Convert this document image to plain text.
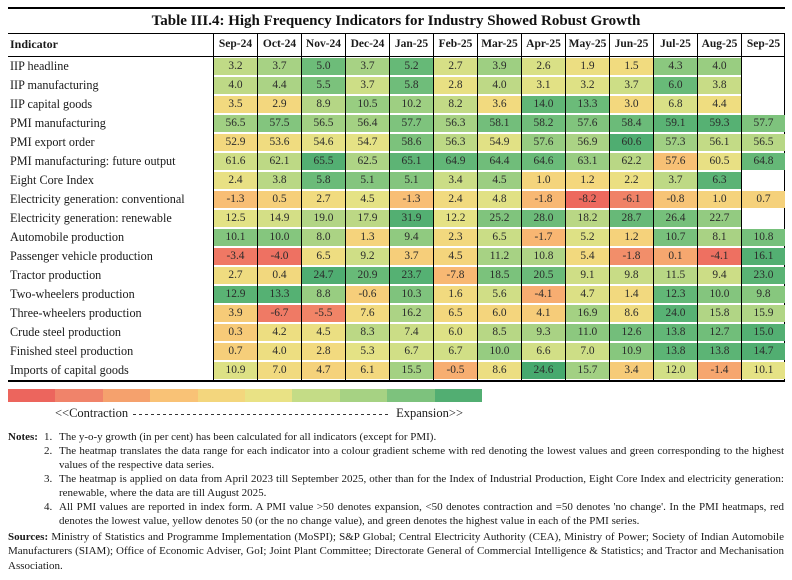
Table III.4: High Frequency Indicators for Industry Showed Robust Growth
Indicator	Sep-24 Oct-24 Nov-24 Dec-24 Jan-25 Feb-25 Mar-25 Apr-25 May-25 Jun-25	Jul-25 Aug-25 Sep-25
IIP headline	3.2	3.7	5.0	3.7	5.2	2.7	3.9	2.6	1.9	1.5	4.3	4.0
IIP manufacturing	4.0	4.4	5.5	3.7	5.8	2.8	4.0	3.1	3.2	3.7	6.0	3.8
IIP capital goods	3.5	2.9	8.9	10.5	10.2	8.2	3.6	14.0	13.3	3.0	6.8	4.4
PMI manufacturing	56.5	57.5	56.5	56.4	57.7	56.3	58.1	58.2	57.6	58.4	59.1	59.3	57.7
PMI export order	52.9	53.6	54.6	54.7	58.6	56.3	54.9	57.6	56.9	60.6	57.3	56.1	56.5
PMI manufacturing: future output	61.6	62.1	65.5	62.5	65.1	64.9	64.4	64.6	63.1	62.2	57.6	60.5	64.8
Eight Core Index	2.4	3.8	5.8	5.1	5.1	3.4	4.5	1.0	1.2	2.2	3.7	6.3
Electricity generation: conventional	-1.3	0.5	2.7	4.5	-1.3	2.4	4.8	-1.8	-8.2	-6.1	-0.8	1.0	0.7
Electricity generation: renewable	12.5	14.9	19.0	17.9	31.9	12.2	25.2	28.0	18.2	28.7	26.4	22.7
Automobile production	10.1	10.0	8.0	1.3	9.4	2.3	6.5	-1.7	5.2	1.2	10.7	8.1	10.8
Passenger vehicle production	-3.4	-4.0	6.5	9.2	3.7	4.5	11.2	10.8	5.4	-1.8	0.1	-4.1	16.1
Tractor production	2.7	0.4	24.7	20.9	23.7	-7.8	18.5	20.5	9.1	9.8	11.5	9.4	23.0
Two-wheelers production	12.9	13.3	8.8	-0.6	10.3	1.6	5.6	-4.1	4.7	1.4	12.3	10.0	9.8
Three-wheelers production	3.9	-6.7	-5.5	7.6	16.2	6.5	6.0	4.1	16.9	8.6	24.0	15.8	15.9
Crude steel production	0.3	4.2	4.5	8.3	7.4	6.0	8.5	9.3	11.0	12.6	13.8	12.7	15.0
Finished steel production	0.7	4.0	2.8	5.3	6.7	6.7	10.0	6.6	7.0	10.9	13.8	13.8	14.7
Imports of capital goods	10.9	7.0	4.7	6.1	15.5	-0.5	8.6	24.6	15.7	3.4	12.0	-1.4	10.1
<<Contraction	Expansion>>
Notes: 1. The y-o-y growth (in per cent) has been calculated for all indicators (except for PMI).
2. The heatmap translates the data range for each indicator into a colour gradient scheme with red denoting the lowest values and green corresponding to the highest values of the respective data series.
3. The heatmap is applied on data from April 2023 till September 2025, other than for the Index of Industrial Production, Eight Core Index and electricity generation: renewable, where the data are till August 2025.
4. All PMI values are reported in index form. A PMI value >50 denotes expansion, <50 denotes contraction and =50 denotes 'no change'. In the PMI heatmaps, red denotes the lowest value, yellow denotes 50 (or the no change value), and green denotes the highest value in each of the PMI series.
Sources: Ministry of Statistics and Programme Implementation (MoSPI); S&P Global; Central Electricity Authority (CEA), Ministry of Power; Society of Indian Automobile Manufacturers (SIAM); Office of Economic Adviser, GoI; Joint Plant Committee; Directorate General of Commercial Intelligence & Statistics; and Tractor and Mechanisation Association.
